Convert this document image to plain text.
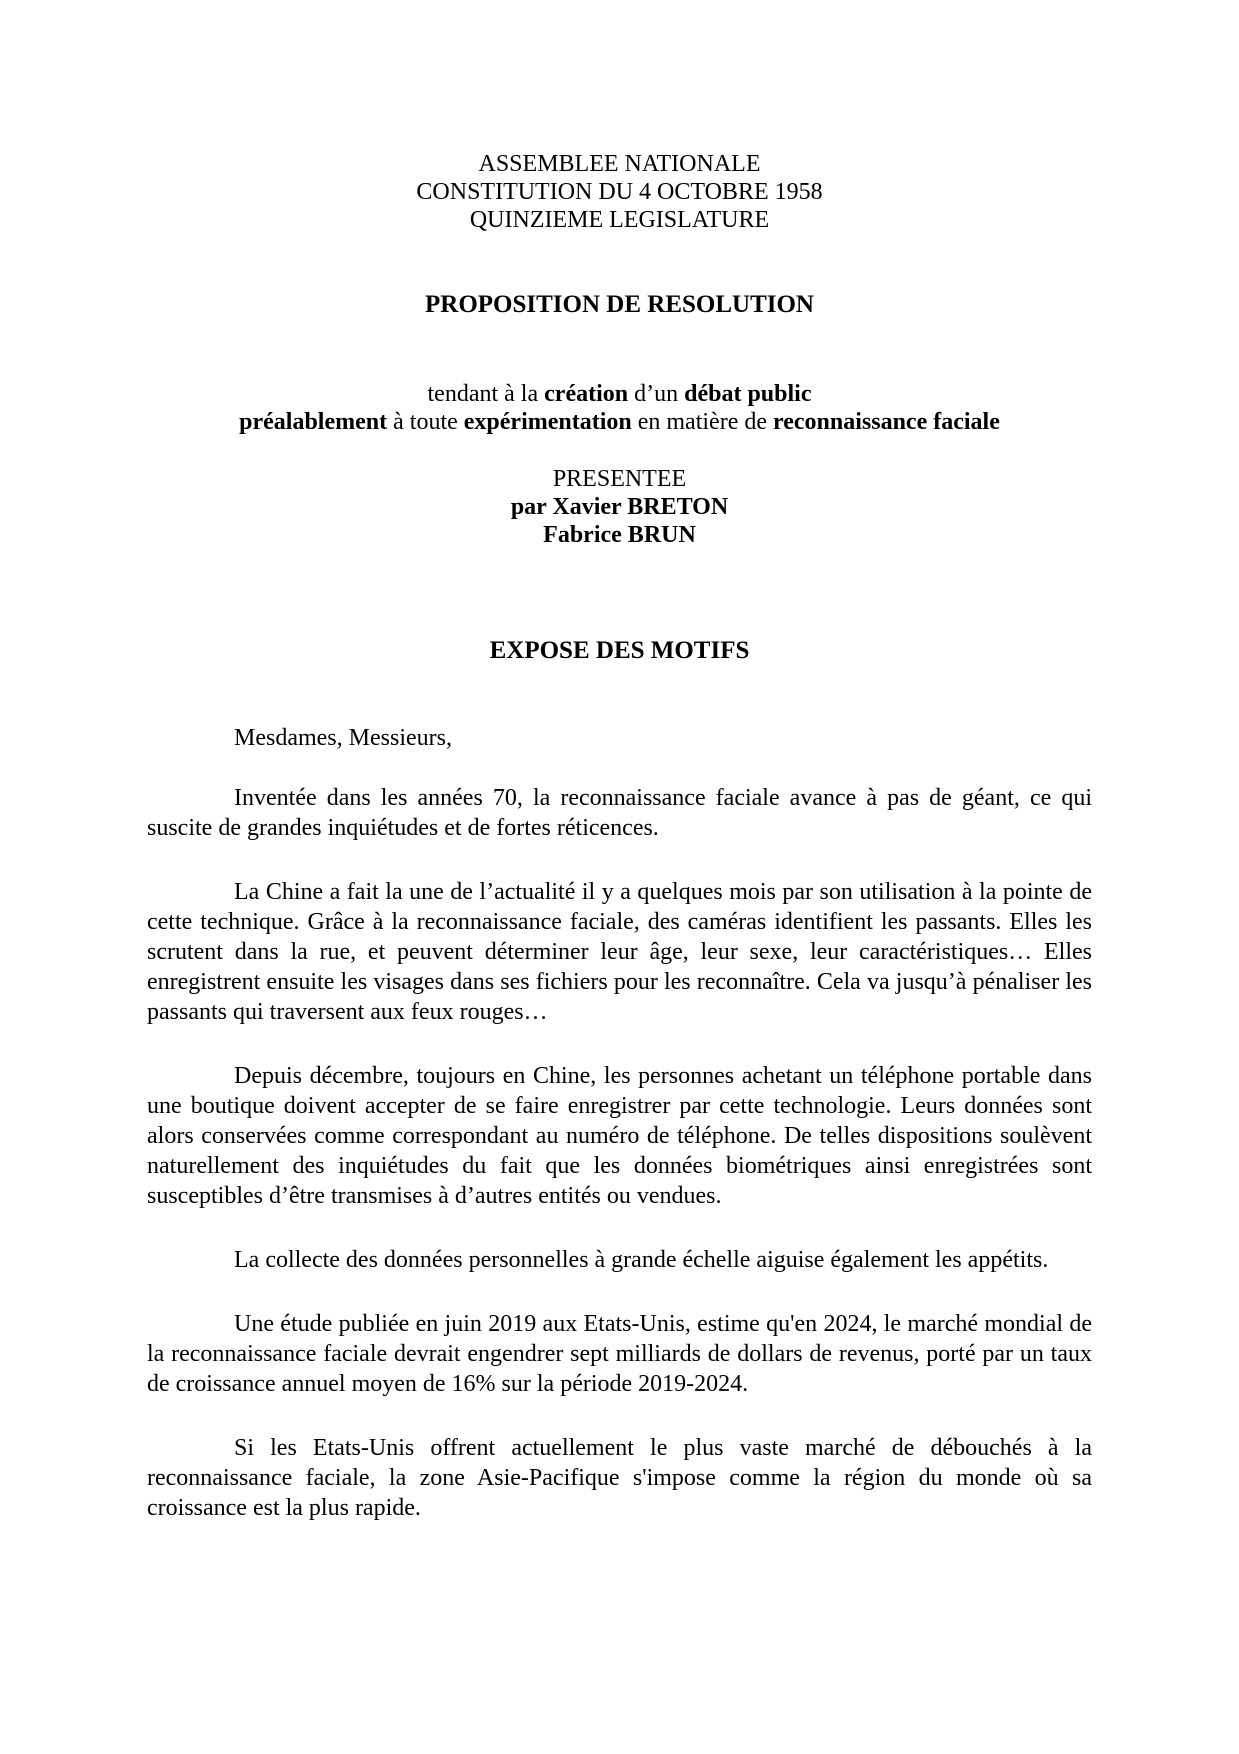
ASSEMBLEE NATIONALE
CONSTITUTION DU 4 OCTOBRE 1958
QUINZIEME LEGISLATURE
PROPOSITION DE RESOLUTION
tendant à la création d’un débat public
préalablement à toute expérimentation en matière de reconnaissance faciale
PRESENTEE
par Xavier BRETON
Fabrice BRUN
EXPOSE DES MOTIFS

Mesdames, Messieurs,

Inventée dans les années 70, la reconnaissance faciale avance à pas de géant, ce qui suscite de grandes inquiétudes et de fortes réticences.

La Chine a fait la une de l’actualité il y a quelques mois par son utilisation à la pointe de cette technique. Grâce à la reconnaissance faciale, des caméras identifient les passants. Elles les scrutent dans la rue, et peuvent déterminer leur âge, leur sexe, leur caractéristiques… Elles enregistrent ensuite les visages dans ses fichiers pour les reconnaître. Cela va jusqu’à pénaliser les passants qui traversent aux feux rouges…

Depuis décembre, toujours en Chine, les personnes achetant un téléphone portable dans une boutique doivent accepter de se faire enregistrer par cette technologie. Leurs données sont alors conservées comme correspondant au numéro de téléphone. De telles dispositions soulèvent naturellement des inquiétudes du fait que les données biométriques ainsi enregistrées sont susceptibles d’être transmises à d’autres entités ou vendues.

La collecte des données personnelles à grande échelle aiguise également les appétits.

Une étude publiée en juin 2019 aux Etats-Unis, estime qu'en 2024, le marché mondial de la reconnaissance faciale devrait engendrer sept milliards de dollars de revenus, porté par un taux de croissance annuel moyen de 16% sur la période 2019-2024.

Si les Etats-Unis offrent actuellement le plus vaste marché de débouchés à la reconnaissance faciale, la zone Asie-Pacifique s'impose comme la région du monde où sa croissance est la plus rapide.
